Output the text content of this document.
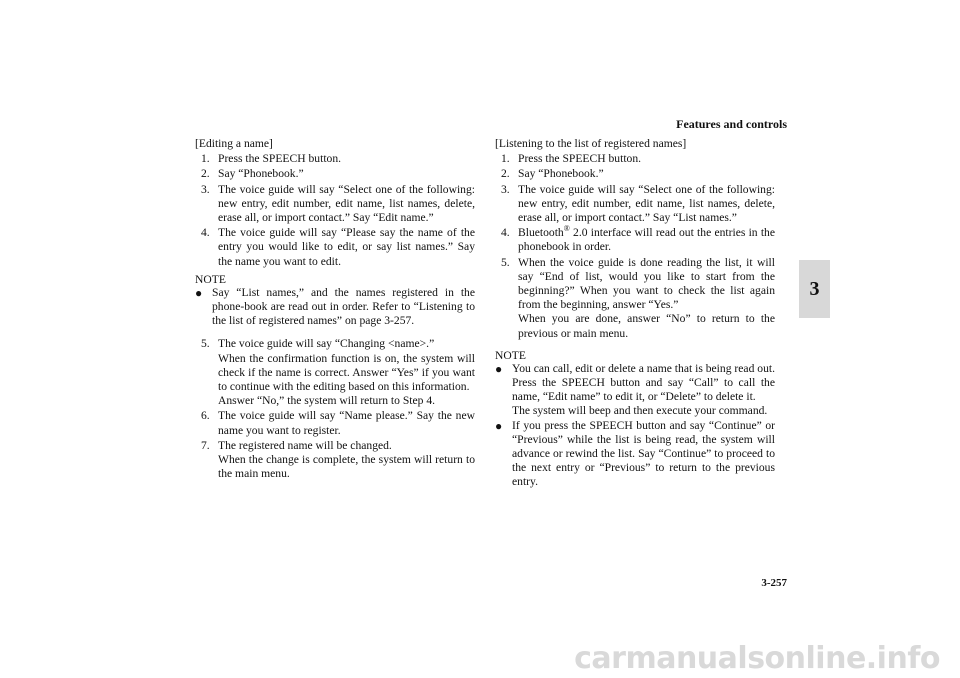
Features and controls
3

[Editing a name]

1. Press the SPEECH button.

2. Say “Phonebook.”

3. The voice guide will say “Select one of the following: new entry, edit number, edit name, list names, delete, erase all, or import contact.” Say “Edit name.”

4. The voice guide will say “Please say the name of the entry you would like to edit, or say list names.” Say the name you want to edit.

NOTE

● Say “List names,” and the names registered in the phone-book are read out in order. Refer to “Listening to the list of registered names” on page 3-257.

5. The voice guide will say “Changing <name>.”

When the confirmation function is on, the system will check if the name is correct. Answer “Yes” if you want to continue with the editing based on this information.

Answer “No,” the system will return to Step 4.

6. The voice guide will say “Name please.” Say the new name you want to register.

7. The registered name will be changed.

When the change is complete, the system will return to the main menu.

[Listening to the list of registered names]

1. Press the SPEECH button.

2. Say “Phonebook.”

3. The voice guide will say “Select one of the following: new entry, edit number, edit name, list names, delete, erase all, or import contact.” Say “List names.”

4. Bluetooth® 2.0 interface will read out the entries in the phonebook in order.

5. When the voice guide is done reading the list, it will say “End of list, would you like to start from the beginning?” When you want to check the list again from the beginning, answer “Yes.”

When you are done, answer “No” to return to the previous or main menu.

NOTE

● You can call, edit or delete a name that is being read out. Press the SPEECH button and say “Call” to call the name, “Edit name” to edit it, or “Delete” to delete it.

The system will beep and then execute your command.

● If you press the SPEECH button and say “Continue” or “Previous” while the list is being read, the system will advance or rewind the list. Say “Continue” to proceed to the next entry or “Previous” to return to the previous entry.

3-257
carmanualsonline.info
